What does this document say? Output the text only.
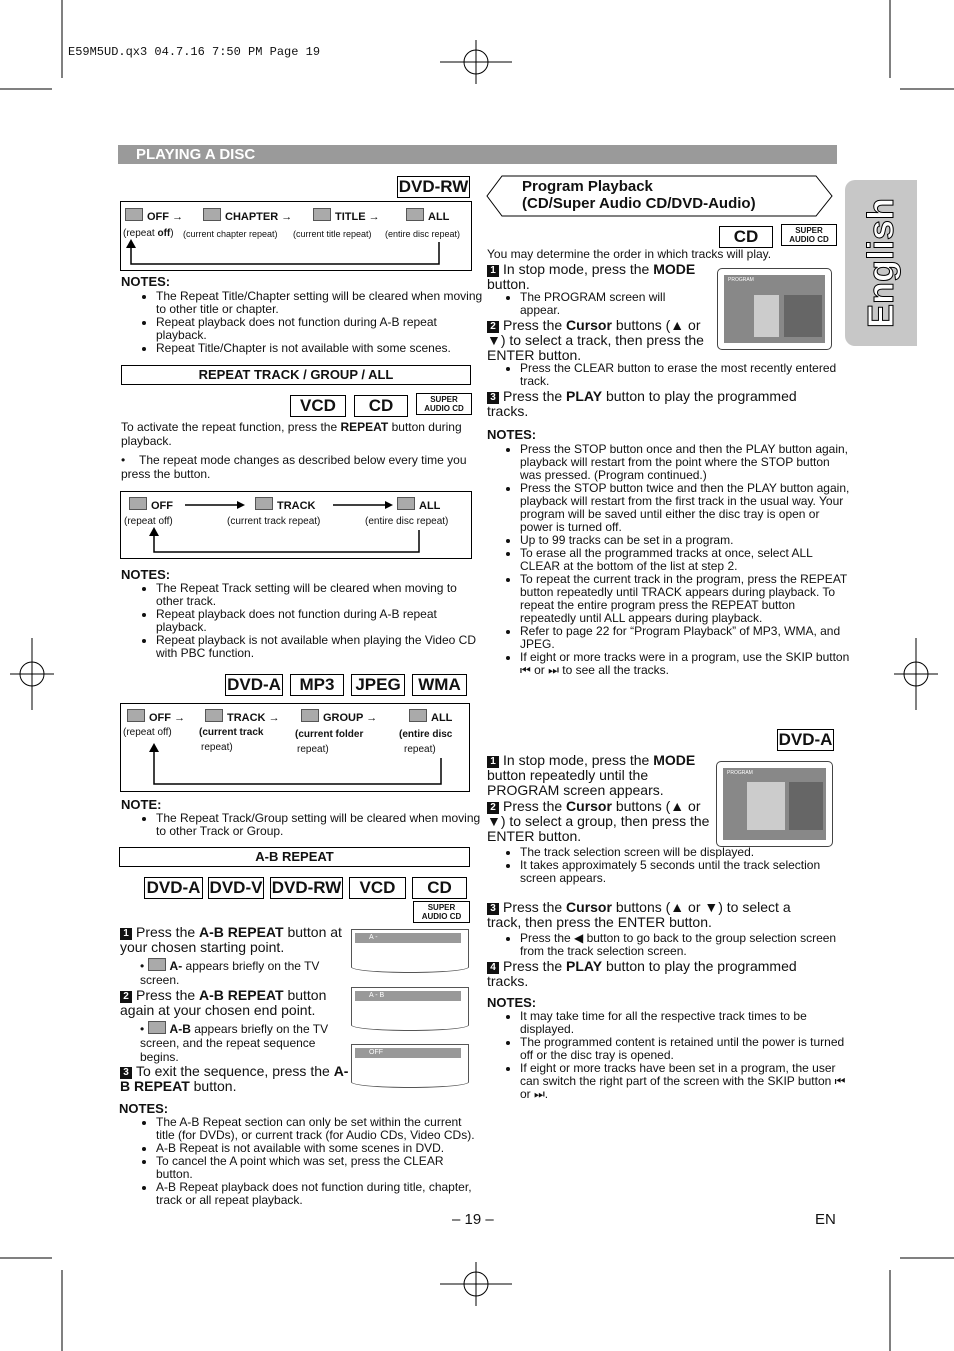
E59M5UD.qx3 04.7.16 7:50 PM Page 19
PLAYING A DISC
English
DVD-RW
OFF →	CHAPTER →	TITLE →	ALL
(repeat off) (current chapter repeat) (current title repeat) (entire disc repeat)
NOTES:
• The Repeat Title/Chapter setting will be cleared when moving to other title or chapter.
• Repeat playback does not function during A-B repeat playback.
• Repeat Title/Chapter is not available with some scenes.
REPEAT TRACK / GROUP / ALL
VCD	CD	SUPER AUDIO CD
To activate the repeat function, press the REPEAT button during playback.
• The repeat mode changes as described below every time you press the button.
OFF	TRACK	ALL
(repeat off)	(current track repeat)	(entire disc repeat)
NOTES:
• The Repeat Track setting will be cleared when moving to other track.
• Repeat playback does not function during A-B repeat playback.
• Repeat playback is not available when playing the Video CD with PBC function.
DVD-A	MP3	JPEG	WMA
OFF →	TRACK →	GROUP →	ALL
(repeat off)	(current track
repeat)
(current folder
repeat)
(entire disc
repeat)
NOTE:
• The Repeat Track/Group setting will be cleared when moving to other Track or Group.
A-B REPEAT
DVD-A DVD-V DVD-RW	VCD	CD
SUPER AUDIO CD
1 Press the A-B REPEAT button at your chosen starting point.
• A- appears briefly on the TV screen.
A -
2 Press the A-B REPEAT button again at your chosen end point.
• A-B appears briefly on the TV screen, and the repeat sequence begins.
A - B
3 To exit the sequence, press the A-B REPEAT button.
OFF
NOTES:
• The A-B Repeat section can only be set within the current title (for DVDs), or current track (for Audio CDs, Video CDs).
• A-B Repeat is not available with some scenes in DVD.
• To cancel the A point which was set, press the CLEAR button.
• A-B Repeat playback does not function during title, chapter, track or all repeat playback.
Program Playback
(CD/Super Audio CD/DVD-Audio)
CD	SUPER AUDIO CD
You may determine the order in which tracks will play.
1 In stop mode, press the MODE button.
• The PROGRAM screen will appear.
PROGRAM
2 Press the Cursor buttons (▲ or ▼) to select a track, then press the ENTER button.
• Press the CLEAR button to erase the most recently entered track.
3 Press the PLAY button to play the programmed tracks.
NOTES:
• Press the STOP button once and then the PLAY button again, playback will restart from the point where the STOP button was pressed. (Program continued.)
• Press the STOP button twice and then the PLAY button again, playback will restart from the first track in the usual way. Your program will be saved until either the disc tray is open or power is turned off.
• Up to 99 tracks can be set in a program.
• To erase all the programmed tracks at once, select ALL CLEAR at the bottom of the list at step 2.
• To repeat the current track in the program, press the REPEAT button repeatedly until TRACK appears during playback. To repeat the entire program press the REPEAT button repeatedly until ALL appears during playback.
• Refer to page 22 for “Program Playback” of MP3, WMA, and JPEG.
• If eight or more tracks were in a program, use the SKIP button ⏮ or ⏭ to see all the tracks.
DVD-A
1 In stop mode, press the MODE button repeatedly until the PROGRAM screen appears.
PROGRAM
2 Press the Cursor buttons (▲ or ▼) to select a group, then press the ENTER button.
• The track selection screen will be displayed.
• It takes approximately 5 seconds until the track selection screen appears.
3 Press the Cursor buttons (▲ or ▼) to select a track, then press the ENTER button.
• Press the ◀ button to go back to the group selection screen from the track selection screen.
4 Press the PLAY button to play the programmed tracks.
NOTES:
• It may take time for all the respective track times to be displayed.
• The programmed content is retained until the power is turned off or the disc tray is opened.
• If eight or more tracks have been set in a program, the user can switch the right part of the screen with the SKIP button ⏮ or ⏭.
– 19 –	EN
